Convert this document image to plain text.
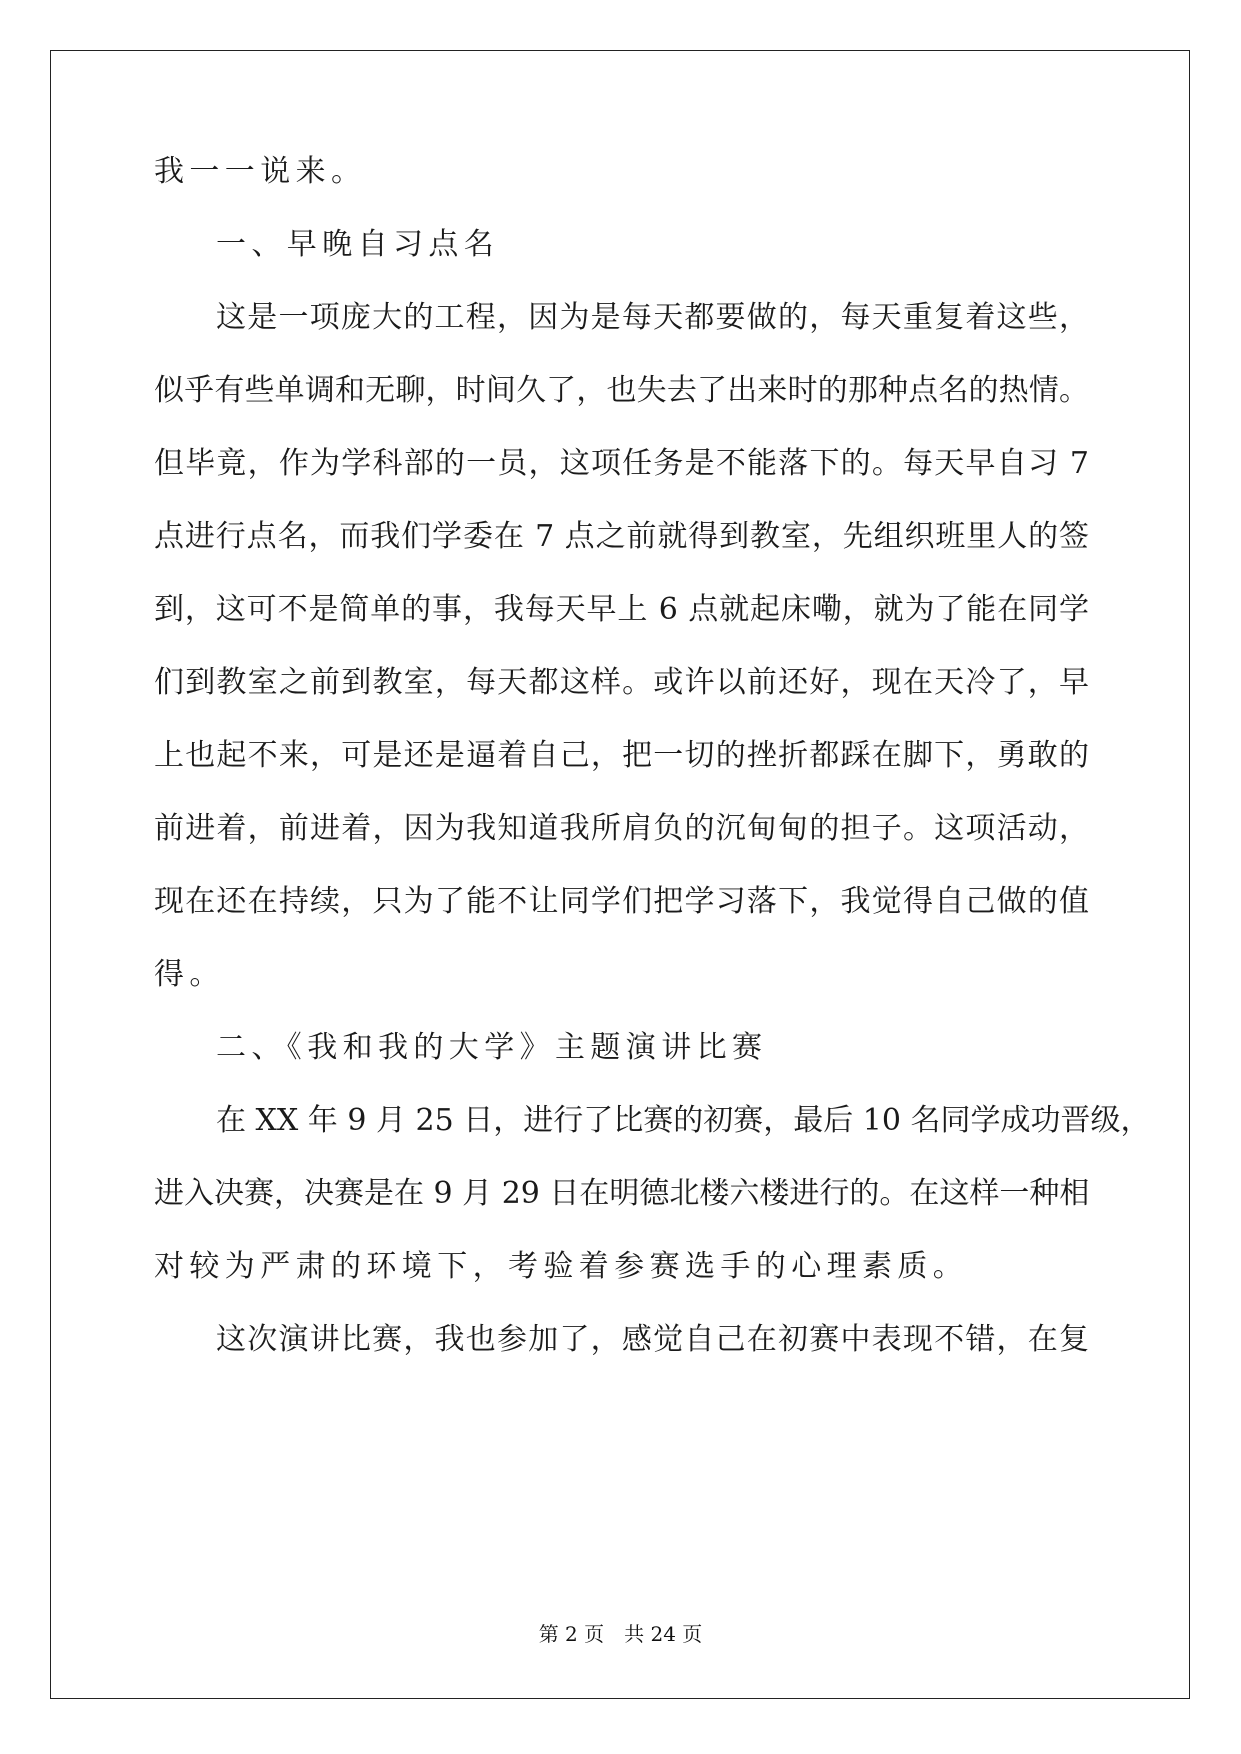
我一一说来。
一、早晚自习点名
这是一项庞大的工程，因为是每天都要做的，每天重复着这些，
似乎有些单调和无聊，时间久了，也失去了出来时的那种点名的热情。
但毕竟，作为学科部的一员，这项任务是不能落下的。每天早自习 7
点进行点名，而我们学委在 7 点之前就得到教室，先组织班里人的签
到，这可不是简单的事，我每天早上 6 点就起床嘞，就为了能在同学
们到教室之前到教室，每天都这样。或许以前还好，现在天冷了，早
上也起不来，可是还是逼着自己，把一切的挫折都踩在脚下，勇敢的
前进着，前进着，因为我知道我所肩负的沉甸甸的担子。这项活动，
现在还在持续，只为了能不让同学们把学习落下，我觉得自己做的值
得。
二、《我和我的大学》主题演讲比赛
在 XX 年 9 月 25 日，进行了比赛的初赛，最后 10 名同学成功晋级，
进入决赛，决赛是在 9 月 29 日在明德北楼六楼进行的。在这样一种相
对较为严肃的环境下，考验着参赛选手的心理素质。
这次演讲比赛，我也参加了，感觉自己在初赛中表现不错，在复
第 2 页　共 24 页
